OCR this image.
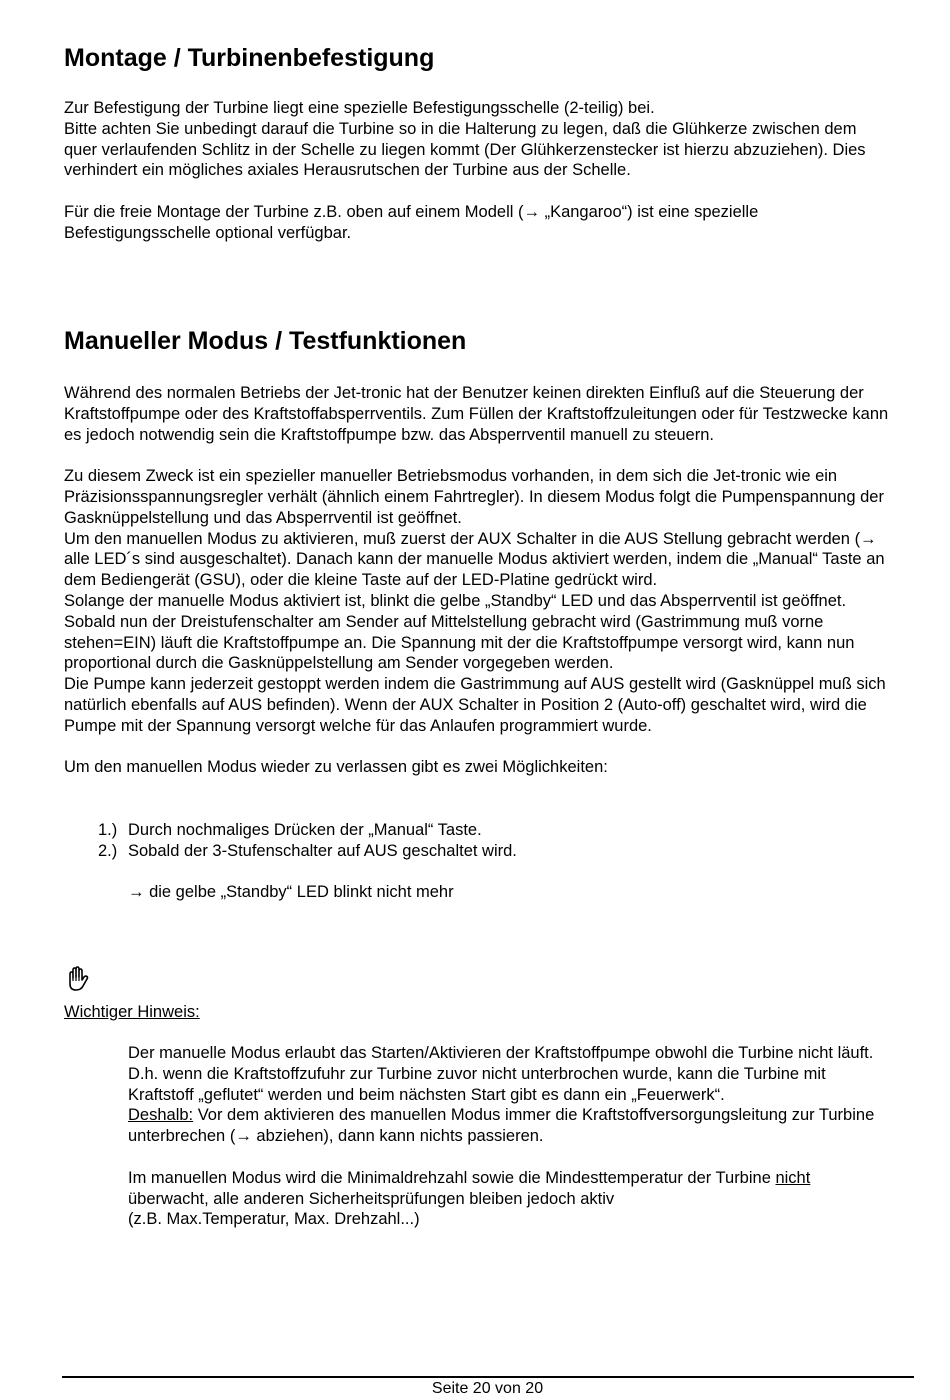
Montage / Turbinenbefestigung

Zur Befestigung der Turbine liegt eine spezielle Befestigungsschelle (2-teilig) bei.

Bitte achten Sie unbedingt darauf die Turbine so in die Halterung zu legen, daß die Glühkerze zwischen dem quer verlaufenden Schlitz in der Schelle zu liegen kommt (Der Glühkerzenstecker ist hierzu abzuziehen). Dies verhindert ein mögliches axiales Herausrutschen der Turbine aus der Schelle.

Für die freie Montage der Turbine z.B. oben auf einem Modell (→ „Kangaroo“) ist eine spezielle Befestigungsschelle optional verfügbar.

Manueller Modus / Testfunktionen

Während des normalen Betriebs der Jet-tronic hat der Benutzer keinen direkten Einfluß auf die Steuerung der Kraftstoffpumpe oder des Kraftstoffabsperrventils. Zum Füllen der Kraftstoffzuleitungen oder für Testzwecke kann es jedoch notwendig sein die Kraftstoffpumpe bzw. das Absperrventil manuell zu steuern.

Zu diesem Zweck ist ein spezieller manueller Betriebsmodus vorhanden, in dem sich die Jet-tronic wie ein Präzisionsspannungsregler verhält (ähnlich einem Fahrtregler). In diesem Modus folgt die Pumpenspannung der Gasknüppelstellung und das Absperrventil ist geöffnet.

Um den manuellen Modus zu aktivieren, muß zuerst der AUX Schalter in die AUS Stellung gebracht werden (→ alle LED´s sind ausgeschaltet). Danach kann der manuelle Modus aktiviert werden, indem die „Manual“ Taste an dem Bediengerät (GSU), oder die kleine Taste auf der LED-Platine gedrückt wird.

Solange der manuelle Modus aktiviert ist, blinkt die gelbe „Standby“ LED und das Absperrventil ist geöffnet. Sobald nun der Dreistufenschalter am Sender auf Mittelstellung gebracht wird (Gastrimmung muß vorne stehen=EIN) läuft die Kraftstoffpumpe an. Die Spannung mit der die Kraftstoffpumpe versorgt wird, kann nun proportional durch die Gasknüppelstellung am Sender vorgegeben werden.

Die Pumpe kann jederzeit gestoppt werden indem die Gastrimmung auf AUS gestellt wird (Gasknüppel muß sich natürlich ebenfalls auf AUS befinden). Wenn der AUX Schalter in Position 2 (Auto-off) geschaltet wird, wird die Pumpe mit der Spannung versorgt welche für das Anlaufen programmiert wurde.

Um den manuellen Modus wieder zu verlassen gibt es zwei Möglichkeiten:

1.) Durch nochmaliges Drücken der „Manual“ Taste.
2.) Sobald der 3-Stufenschalter auf AUS geschaltet wird.
→ die gelbe „Standby“ LED blinkt nicht mehr
Wichtiger Hinweis:

Der manuelle Modus erlaubt das Starten/Aktivieren der Kraftstoffpumpe obwohl die Turbine nicht läuft. D.h. wenn die Kraftstoffzufuhr zur Turbine zuvor nicht unterbrochen wurde, kann die Turbine mit Kraftstoff „geflutet“ werden und beim nächsten Start gibt es dann ein „Feuerwerk“.

Deshalb: Vor dem aktivieren des manuellen Modus immer die Kraftstoffversorgungsleitung zur Turbine unterbrechen (→ abziehen), dann kann nichts passieren.

Im manuellen Modus wird die Minimaldrehzahl sowie die Mindesttemperatur der Turbine nicht überwacht, alle anderen Sicherheitsprüfungen bleiben jedoch aktiv

(z.B. Max.Temperatur, Max. Drehzahl...)

Seite 20 von 20
